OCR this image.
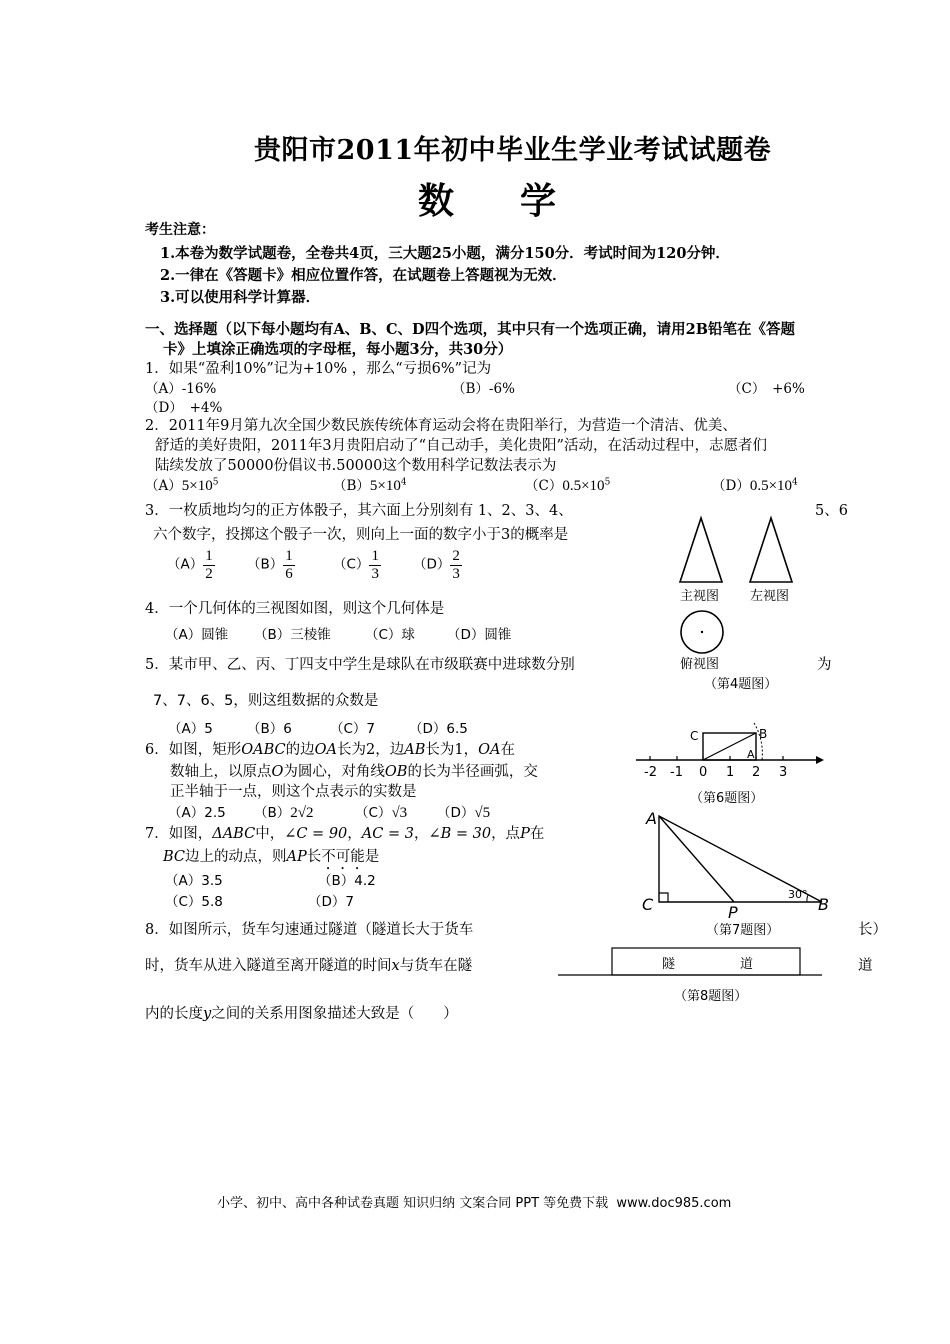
贵阳市2011年初中毕业生学业考试试题卷
数学
考生注意：
1.本卷为数学试题卷，全卷共4页，三大题25小题，满分150分．考试时间为120分钟．
2.一律在《答题卡》相应位置作答，在试题卷上答题视为无效．
3.可以使用科学计算器．
一、选择题（以下每小题均有A、B、C、D四个选项，其中只有一个选项正确，请用2B铅笔在《答题
卡》上填涂正确选项的字母框，每小题3分，共30分）
1．如果“盈利10%”记为+10% ，那么“亏损6%”记为
（A）-16%	（B）-6%	（C）　+6%
（D）　+4%
2．2011年9月第九次全国少数民族传统体育运动会将在贵阳举行，为营造一个清洁、优美、
舒适的美好贵阳，2011年3月贵阳启动了“自己动手，美化贵阳”活动，在活动过程中，志愿者们
陆续发放了50000份倡议书.50000这个数用科学记数法表示为
$(A)5\times 10^5$	$(B)5\times 10^4$	$(C)0.5\times 10^5$	$(D)0.5\times 10^4$
3．一枚质地均匀的正方体骰子，其六面上分别刻有 1、2、3、4、	5、6
六个数字，投掷这个骰子一次，则向上一面的数字小于3的概率是
$(A) \frac{1}{2} (B) \frac{1}{6}$	$(C) \frac{1}{3} (D) \frac{2}{3}$
主视图 左视图
俯视图
（第4题图）
4．一个几何体的三视图如图，则这个几何体是
（A）圆锥 （B）三棱锥	（C）球 （D）圆锥
5．某市甲、乙、丙、丁四支中学生是球队在市级联赛中进球数分别	为
7、7、6、5，则这组数据的众数是
（A）5	（B）6	（C）7	（D）6.5	C	B
A
-2 -1 0 1 2 3
（第6题图）
6．如图，矩形OABC的边OA长为2，边AB长为1，OA在
数轴上，以原点O为圆心，对角线OB的长为半径画弧，交
正半轴于一点，则这个点表示的实数是
（A）2.5 （B）2√2	（C）√3 （D）√5	A
C	P	B
30°
（第7题图）
7．如图，ΔABC中，∠C = 90，AC = 3，∠B = 30，点P在
BC边上的动点，则AP长不可能是
（A）3.5	（B）4.2
（C）5.8	（D）7
8．如图所示，货车匀速通过隧道（隧道长大于货车	长）
时，货车从进入隧道至离开隧道的时间x与货车在隧	道
内的长度y之间的关系用图象描述大致是（　　）
隧	道
（第8题图）
小学、初中、高中各种试卷真题 知识归纳 文案合同 PPT 等免费下载 www.doc985.com
